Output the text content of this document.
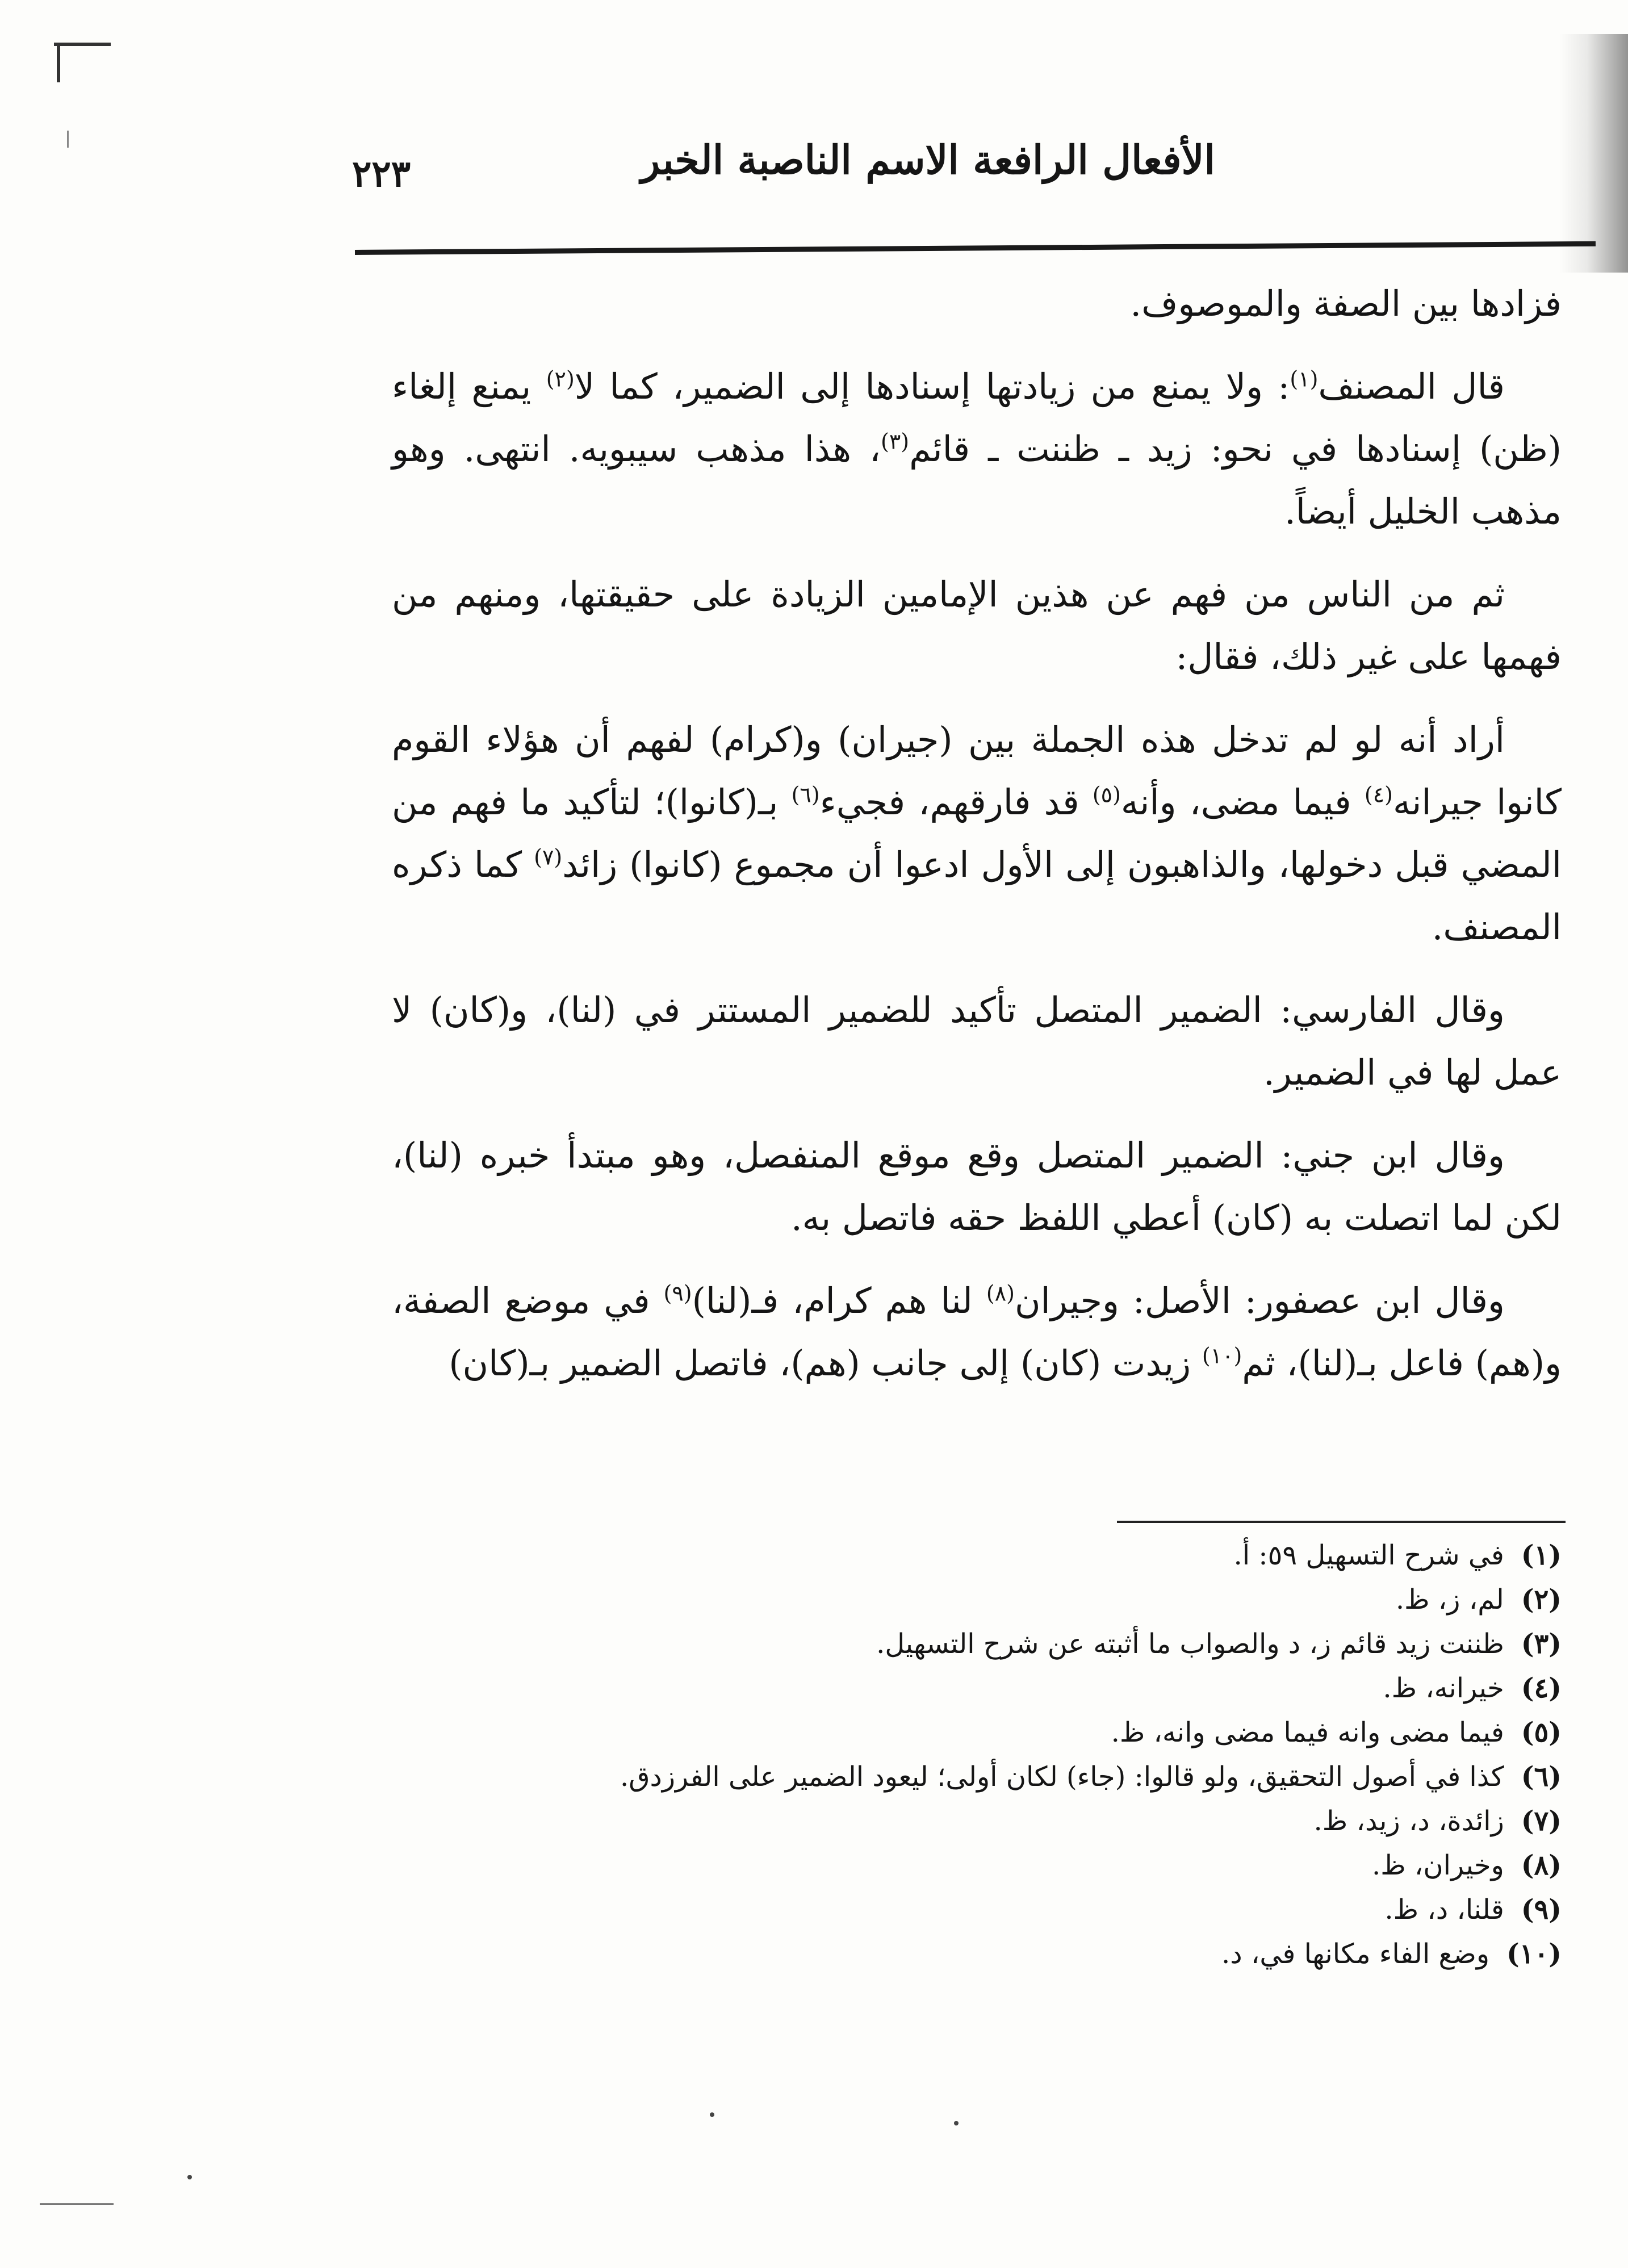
الأفعال الرافعة الاسم الناصبة الخبر
٢٢٣

فزادها بين الصفة والموصوف.

قال المصنف$^{(١)}$: ولا يمنع من زيادتها إسنادها إلى الضمير، كما لا$^{(٢)}$ يمنع إلغاء (ظن) إسنادها في نحو: زيد ـ ظننت ـ قائم$^{(٣)}$، هذا مذهب سيبويه. انتهى. وهو مذهب الخليل أيضاً.

ثم من الناس من فهم عن هذين الإمامين الزيادة على حقيقتها، ومنهم من فهمها على غير ذلك، فقال:

أراد أنه لو لم تدخل هذه الجملة بين (جيران) و(كرام) لفهم أن هؤلاء القوم كانوا جيرانه$^{(٤)}$ فيما مضى، وأنه$^{(٥)}$ قد فارقهم، فجيء$^{(٦)}$ بـ(كانوا)؛ لتأكيد ما فهم من المضي قبل دخولها، والذاهبون إلى الأول ادعوا أن مجموع (كانوا) زائد$^{(٧)}$ كما ذكره المصنف.

وقال الفارسي: الضمير المتصل تأكيد للضمير المستتر في (لنا)، و(كان) لا عمل لها في الضمير.

وقال ابن جني: الضمير المتصل وقع موقع المنفصل، وهو مبتدأ خبره (لنا)، لكن لما اتصلت به (كان) أعطي اللفظ حقه فاتصل به.

وقال ابن عصفور: الأصل: وجيران$^{(٨)}$ لنا هم كرام، فـ(لنا)$^{(٩)}$ في موضع الصفة، و(هم) فاعل بـ(لنا)، ثم$^{(١٠)}$ زيدت (كان) إلى جانب (هم)، فاتصل الضمير بـ(كان)

(١)
في شرح التسهيل ٥٩: أ.
(٢)
لم، ز، ظ.
(٣)
ظننت زيد قائم ز، د والصواب ما أثبته عن شرح التسهيل.
(٤)
خيرانه، ظ.
(٥)
فيما مضى وانه فيما مضى وانه، ظ.
(٦)
كذا في أصول التحقيق، ولو قالوا: (جاء) لكان أولى؛ ليعود الضمير على الفرزدق.
(٧)
زائدة، د، زيد، ظ.
(٨)
وخيران، ظ.
(٩)
قلنا، د، ظ.
(١٠)
وضع الفاء مكانها في، د.
